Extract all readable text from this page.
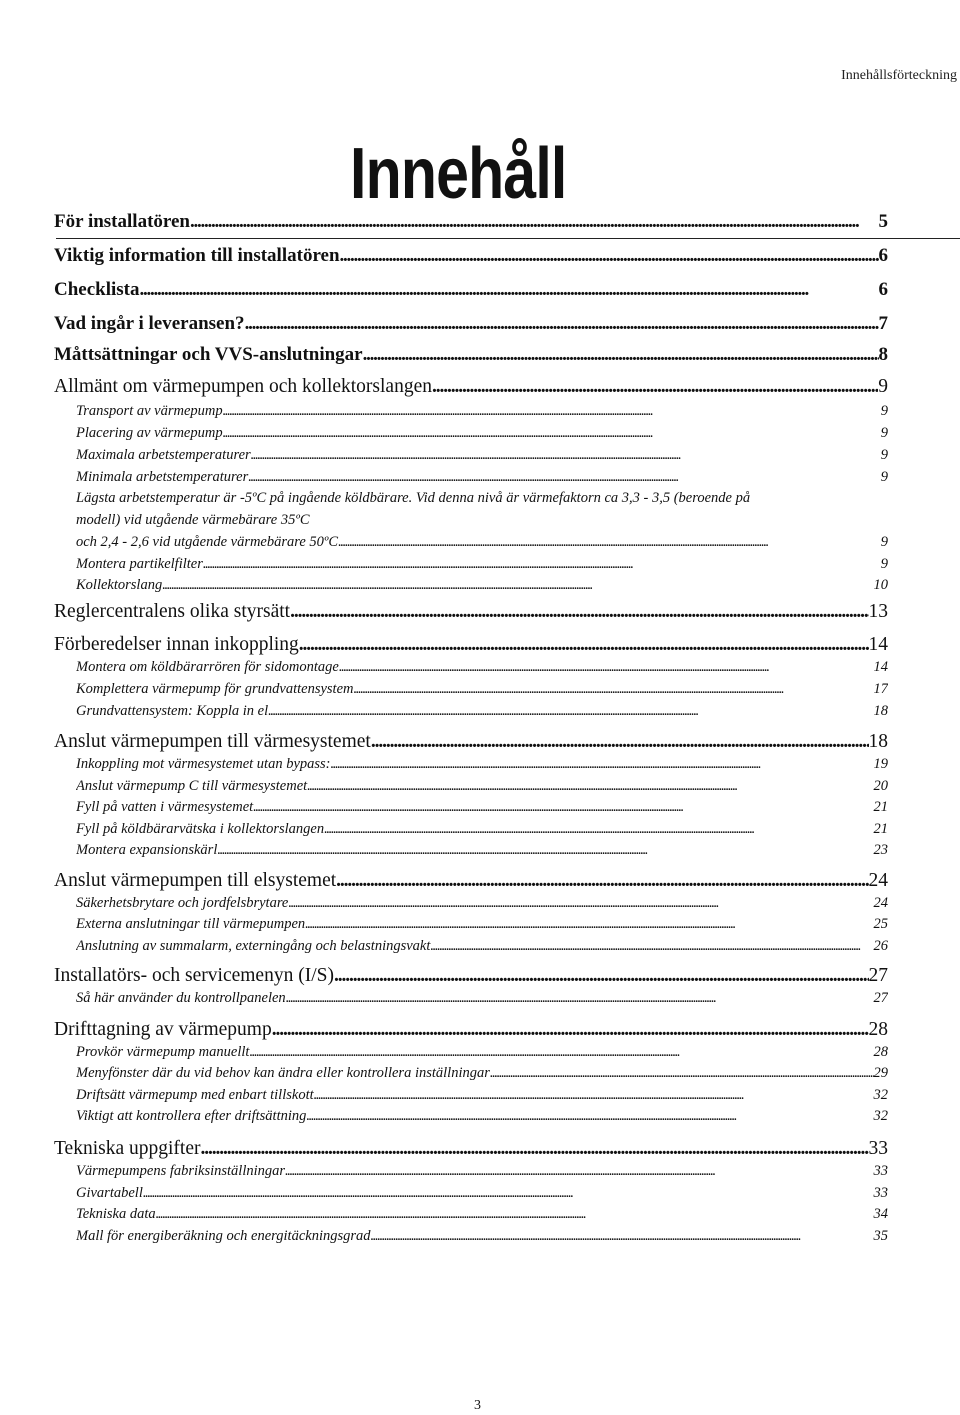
Innehållsförteckning
Innehåll
För installatören . . .	5
Viktig information till installatören . . .	6
Checklista . . .	6
Vad ingår i leveransen? . . .	7
Måttsättningar och VVS-anslutningar . . .	8
Allmänt om värmepumpen och kollektorslangen . . .	9
Transport av värmepump . . .	9
Placering av värmepump . . .	9
Maximala arbetstemperaturer . . .	9
Minimala arbetstemperaturer . . .	9
Lägsta arbetstemperatur är -5ºC på ingående köldbärare. Vid denna nivå är värmefaktorn ca 3,3 - 3,5 (beroende på
modell) vid utgående värmebärare 35ºC
och 2,4 - 2,6 vid utgående värmebärare 50ºC . . .	9
Montera partikelfilter . . .	9
Kollektorslang . . .	10
Reglercentralens olika styrsätt . . .	13
Förberedelser innan inkoppling . . .	14
Montera om köldbärarrören för sidomontage . . .	14
Komplettera värmepump för grundvattensystem . . .	17
Grundvattensystem: Koppla in el . . .	18
Anslut värmepumpen till värmesystemet . . .	18
Inkoppling mot värmesystemet utan bypass: . . .	19
Anslut värmepump C till värmesystemet . . .	20
Fyll på vatten i värmesystemet . . .	21
Fyll på köldbärarvätska i kollektorslangen . . .	21
Montera expansionskärl . . .	23
Anslut värmepumpen till elsystemet . . .	24
Säkerhetsbrytare och jordfelsbrytare . . .	24
Externa anslutningar till värmepumpen . . .	25
Anslutning av summalarm, externingång och belastningsvakt . . .	26
Installatörs- och servicemenyn (I/S) . . .	27
Så här använder du kontrollpanelen . . .	27
Drifttagning av värmepump . . .	28
Provkör värmepump manuellt . . .	28
Menyfönster där du vid behov kan ändra eller kontrollera inställningar . . .	29
Driftsätt värmepump med enbart tillskott . . .	32
Viktigt att kontrollera efter driftsättning . . .	32
Tekniska uppgifter . . .	33
Värmepumpens fabriksinställningar . . .	33
Givartabell . . .	33
Tekniska data . . .	34
Mall för energiberäkning och energitäckningsgrad . . .	35
3
